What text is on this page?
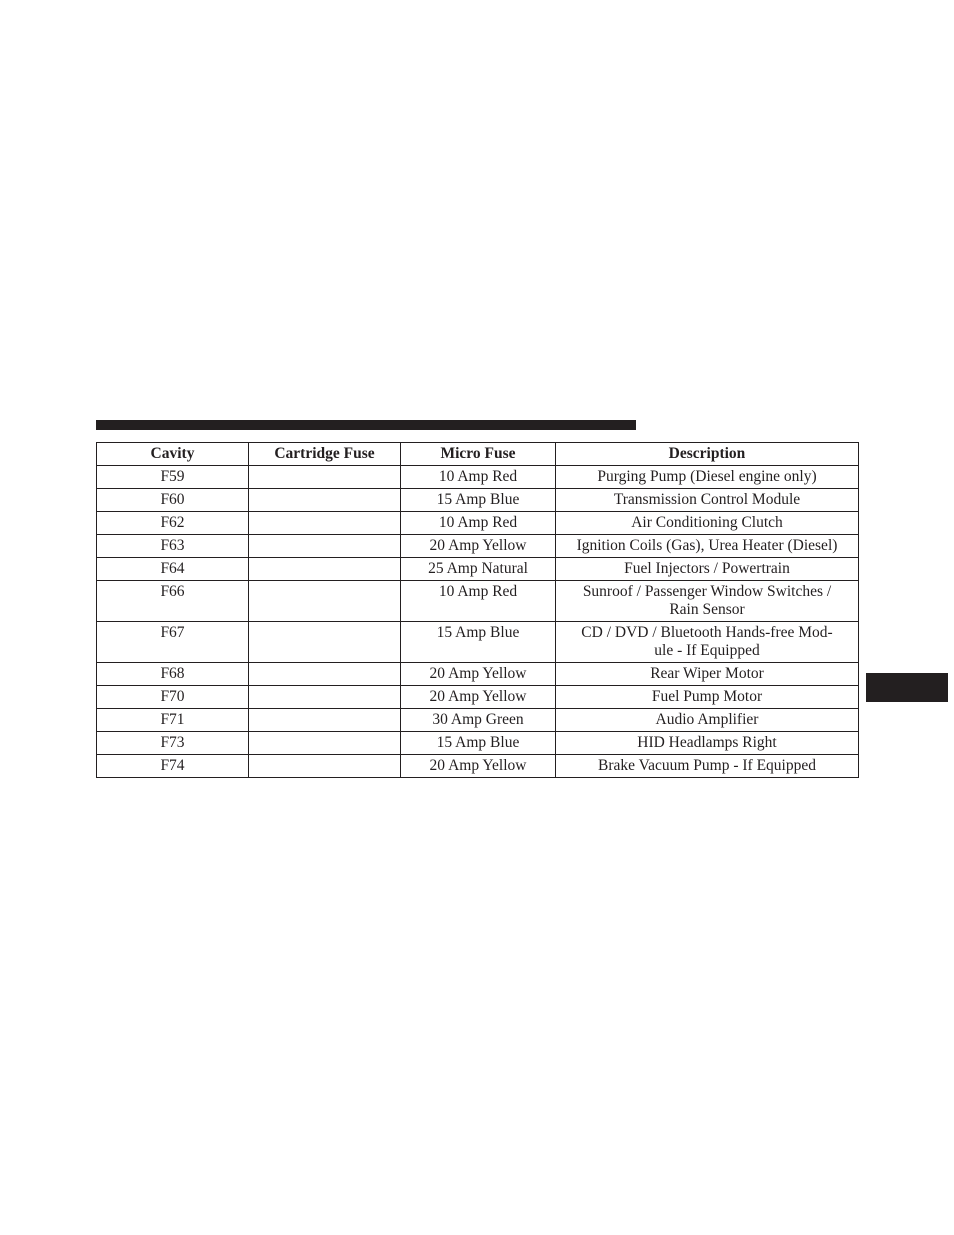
Cavity	Cartridge Fuse	Micro Fuse	Description
F59		10 Amp Red	Purging Pump (Diesel engine only)

F60		15 Amp Blue	Transmission Control Module

F62		10 Amp Red	Air Conditioning Clutch

F63		20 Amp Yellow	Ignition Coils (Gas), Urea Heater (Diesel)

F64		25 Amp Natural	Fuel Injectors / Powertrain

F66		10 Amp Red	Sunroof / Passenger Window Switches /
Rain Sensor

F67		15 Amp Blue	CD / DVD / Bluetooth Hands-free Mod-
ule - If Equipped

F68		20 Amp Yellow	Rear Wiper Motor

F70		20 Amp Yellow	Fuel Pump Motor

F71		30 Amp Green	Audio Amplifier

F73		15 Amp Blue	HID Headlamps Right

F74		20 Amp Yellow	Brake Vacuum Pump - If Equipped
